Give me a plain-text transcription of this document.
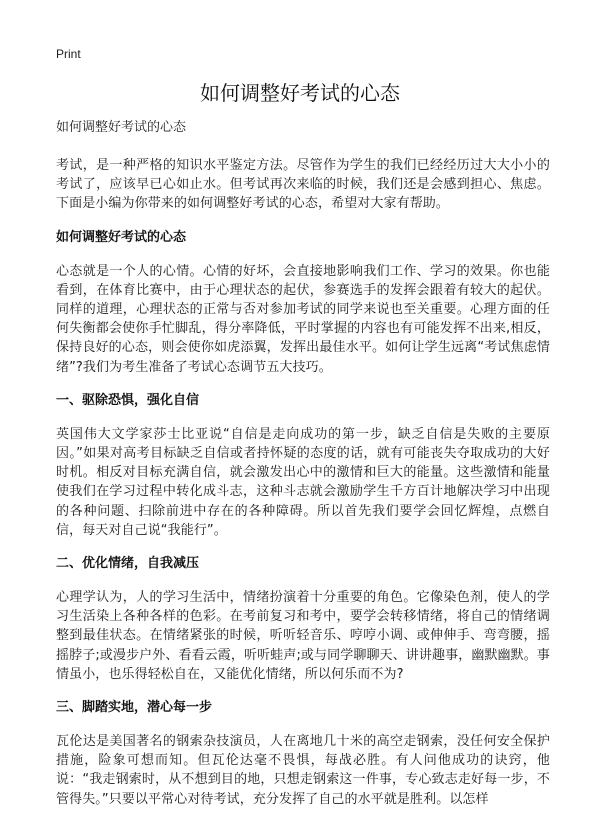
Print
如何调整好考试的心态

如何调整好考试的心态

考试，是一种严格的知识水平鉴定方法。尽管作为学生的我们已经经历过大大小小的考试了，应该早已心如止水。但考试再次来临的时候，我们还是会感到担心、焦虑。下面是小编为你带来的如何调整好考试的心态，希望对大家有帮助。

如何调整好考试的心态

心态就是一个人的心情。心情的好坏，会直接地影响我们工作、学习的效果。你也能看到，在体育比赛中，由于心理状态的起伏，参赛选手的发挥会跟着有较大的起伏。同样的道理，心理状态的正常与否对参加考试的同学来说也至关重要。心理方面的任何失衡都会使你手忙脚乱，得分率降低，平时掌握的内容也有可能发挥不出来,相反，保持良好的心态，则会使你如虎添翼，发挥出最佳水平。如何让学生远离“考试焦虑情绪”?我们为考生准备了考试心态调节五大技巧。

一、驱除恐惧，强化自信

英国伟大文学家莎士比亚说“自信是走向成功的第一步，缺乏自信是失败的主要原因。”如果对高考目标缺乏自信或者持怀疑的态度的话，就有可能丧失夺取成功的大好时机。相反对目标充满自信，就会激发出心中的激情和巨大的能量。这些激情和能量使我们在学习过程中转化成斗志，这种斗志就会激励学生千方百计地解决学习中出现的各种问题、扫除前进中存在的各种障碍。所以首先我们要学会回忆辉煌，点燃自信，每天对自己说“我能行”。

二、优化情绪，自我减压

心理学认为，人的学习生活中，情绪扮演着十分重要的角色。它像染色剂，使人的学习生活染上各种各样的色彩。在考前复习和考中，要学会转移情绪，将自己的情绪调整到最佳状态。在情绪紧张的时候，听听轻音乐、哼哼小调、或伸伸手、弯弯腰，摇摇脖子;或漫步户外、看看云霞，听听蛙声;或与同学聊聊天、讲讲趣事，幽默幽默。事情虽小，也乐得轻松自在，又能优化情绪，所以何乐而不为?

三、脚踏实地，潜心每一步

瓦伦达是美国著名的钢索杂技演员，人在离地几十米的高空走钢索，没任何安全保护措施，险象可想而知。但瓦伦达毫不畏惧，每战必胜。有人问他成功的诀窍，他说：“我走钢索时，从不想到目的地，只想走钢索这一件事，专心致志走好每一步，不管得失。”只要以平常心对待考试，充分发挥了自己的水平就是胜利。以怎样
